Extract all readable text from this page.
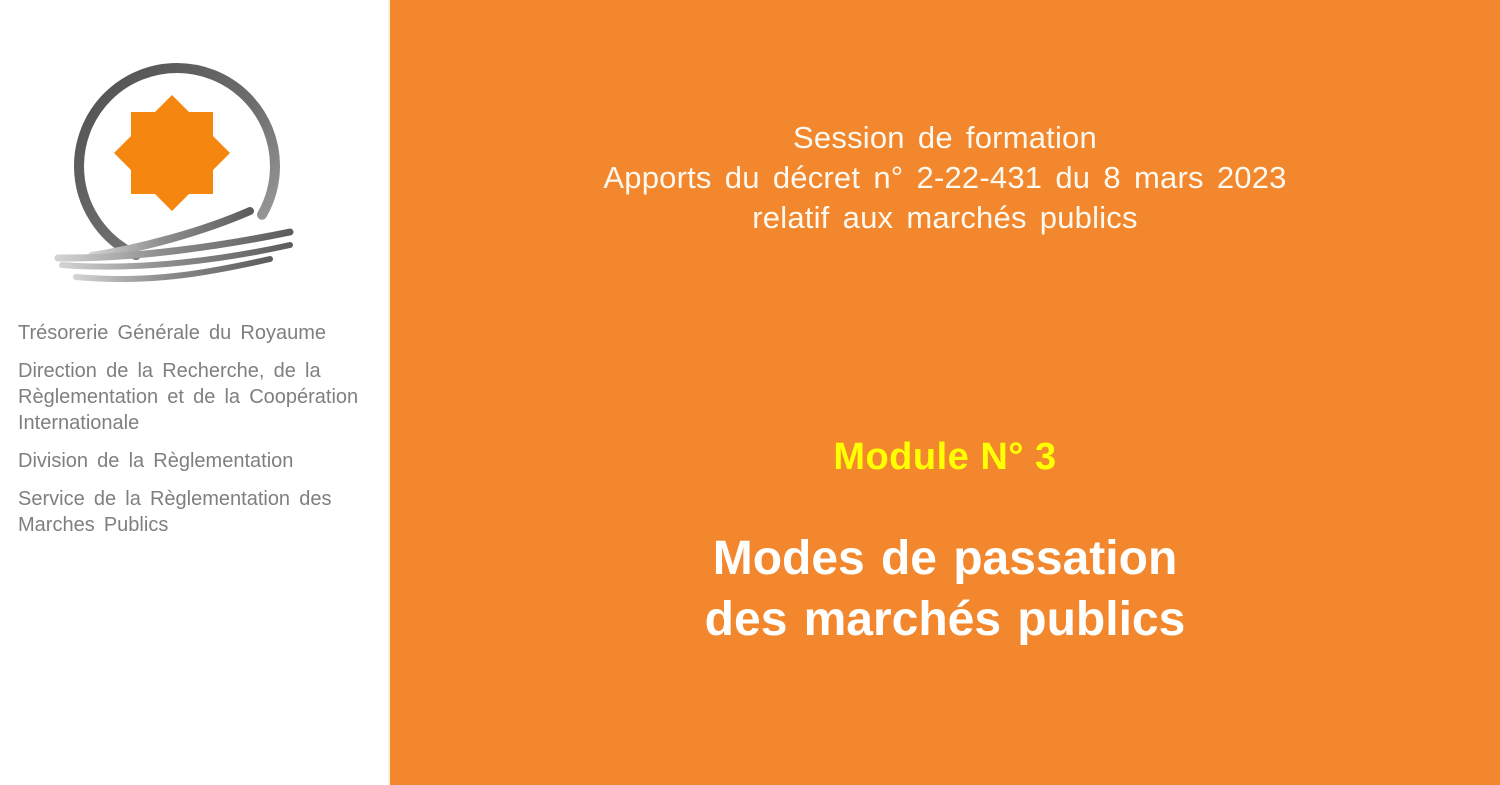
Trésorerie Générale du Royaume

Direction de la Recherche, de la
Règlementation et de la Coopération
Internationale

Division de la Règlementation

Service de la Règlementation des
Marches Publics

Session de formation
Apports du décret n° 2-22-431 du 8 mars 2023
relatif aux marchés publics
Module N° 3
Modes de passation
des marchés publics
